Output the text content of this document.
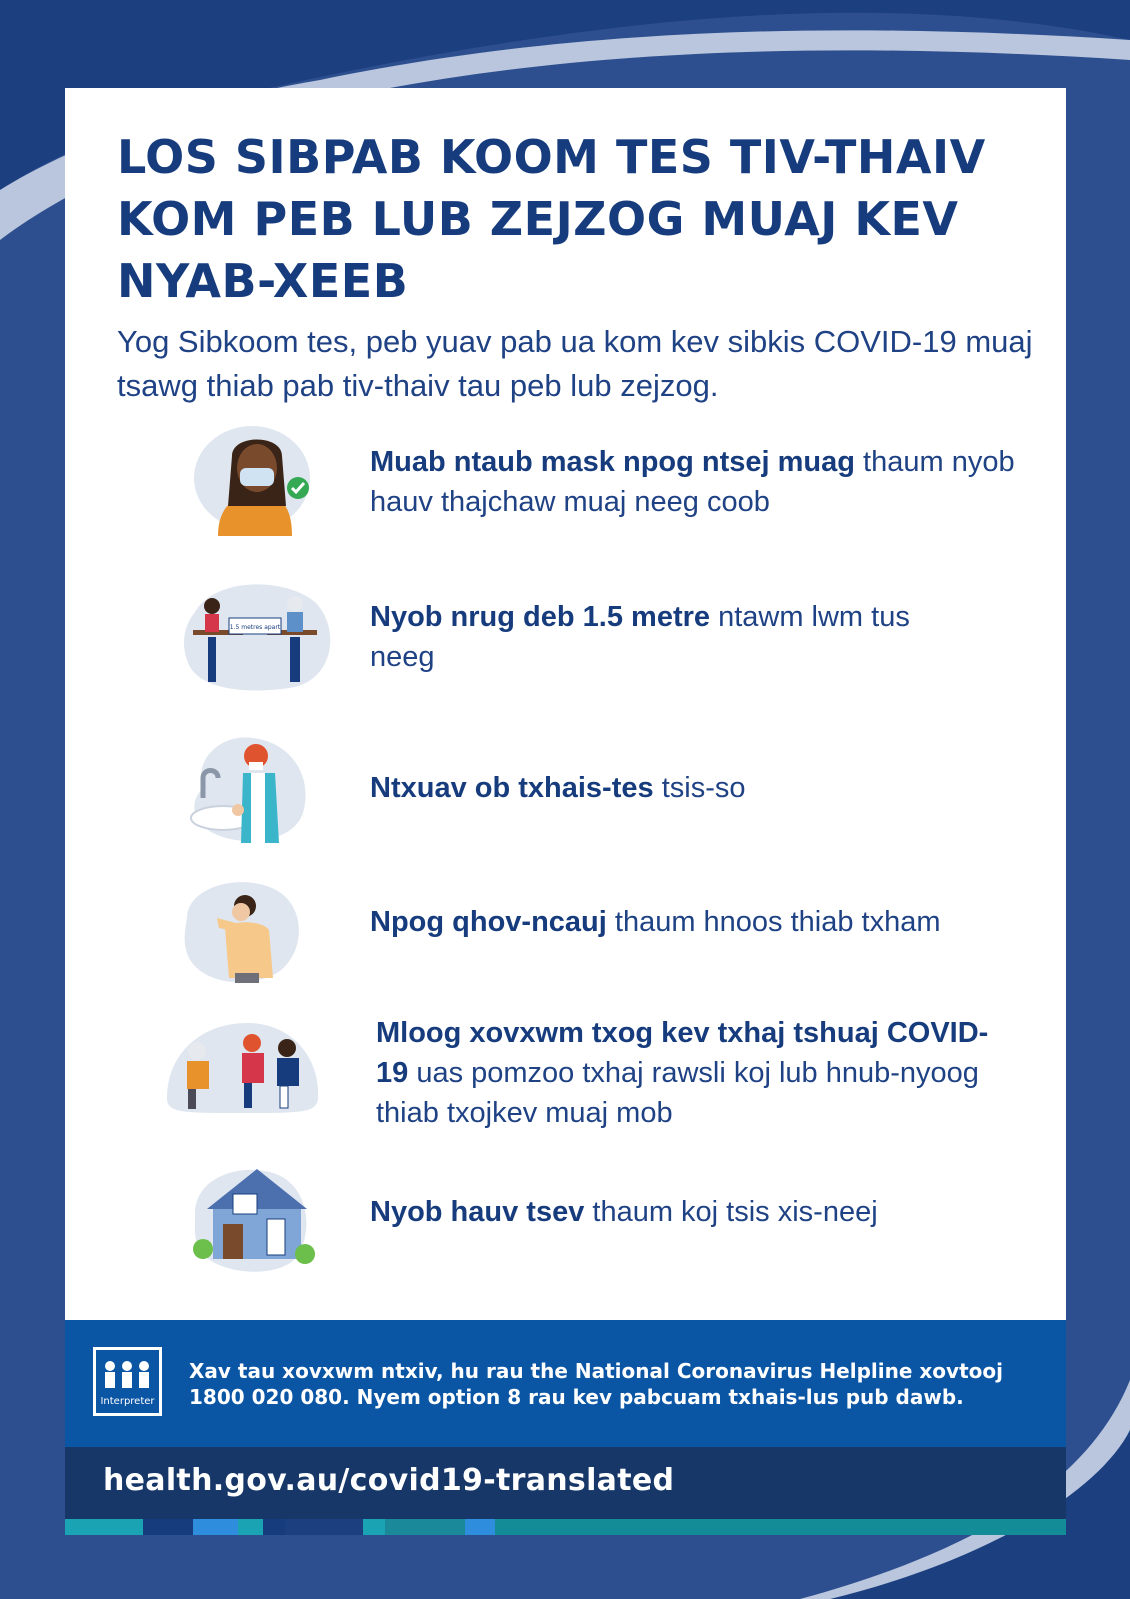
LOS SIBPAB KOOM TES TIV-THAIV KOM PEB LUB ZEJZOG MUAJ KEV NYAB-XEEB

Yog Sibkoom tes, peb yuav pab ua kom kev sibkis COVID-19 muaj tsawg thiab pab tiv-thaiv tau peb lub zejzog.

Muab ntaub mask npog ntsej muag thaum nyob hauv thajchaw muaj neeg coob
1.5 metres apart	Nyob nrug deb 1.5 metre ntawm lwm tus neeg
Ntxuav ob txhais-tes tsis-so
Npog qhov-ncauj thaum hnoos thiab txham
Mloog xovxwm txog kev txhaj tshuaj COVID-19 uas pomzoo txhaj rawsli koj lub hnub-nyoog thiab txojkev muaj mob
Nyob hauv tsev thaum koj tsis xis-neej
Interpreter
Xav tau xovxwm ntxiv, hu rau the National Coronavirus Helpline xovtooj 1800 020 080. Nyem option 8 rau kev pabcuam txhais-lus pub dawb.
health.gov.au/covid19-translated
